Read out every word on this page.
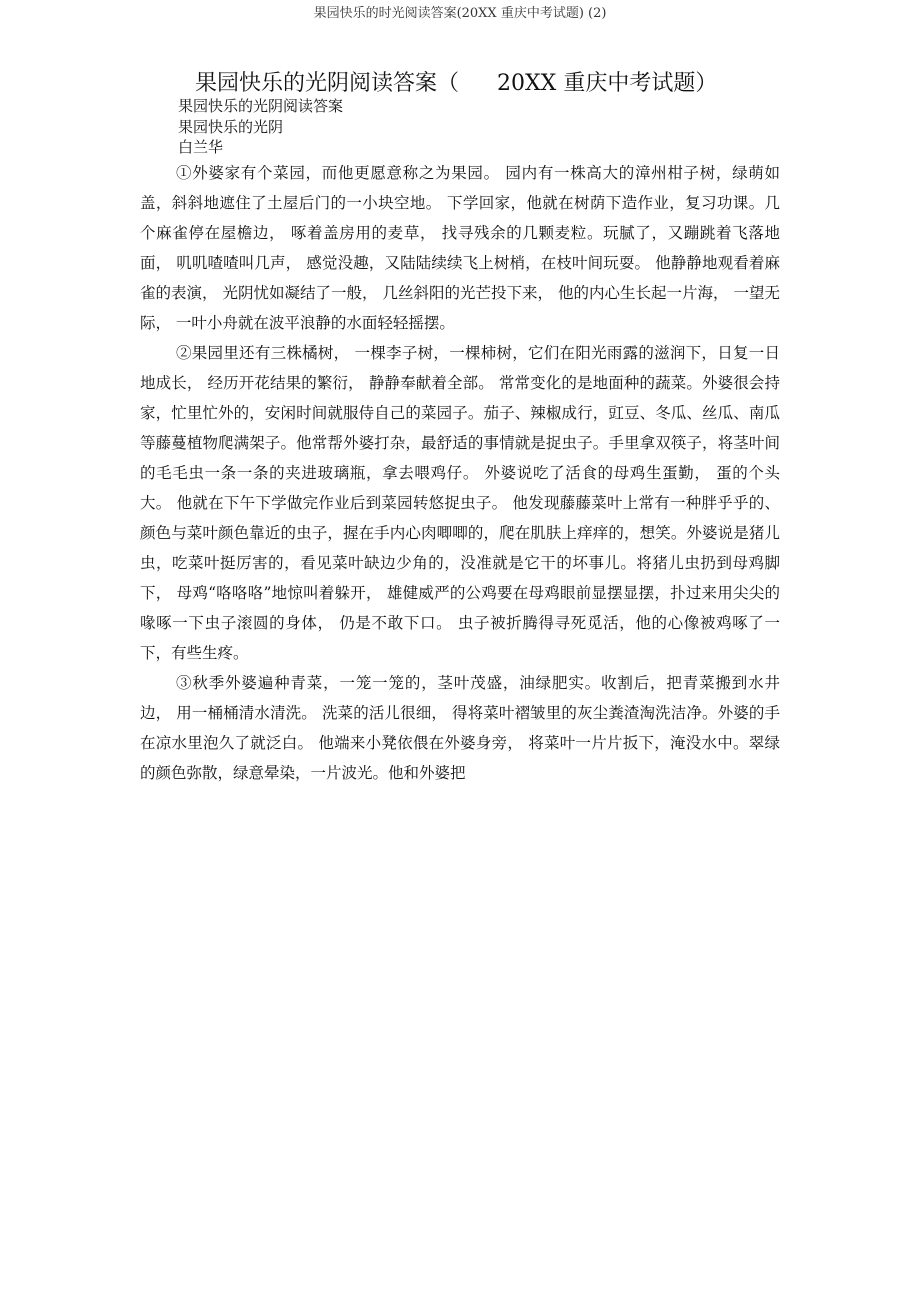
果园快乐的时光阅读答案(20XX 重庆中考试题) (2)
果园快乐的光阴阅读答案（ 20XX 重庆中考试题）
果园快乐的光阴阅读答案
果园快乐的光阴
白兰华

①外婆家有个菜园，而他更愿意称之为果园。 园内有一株高大的漳州柑子树，绿萌如盖，斜斜地遮住了土屋后门的一小块空地。 下学回家，他就在树荫下造作业，复习功课。几个麻雀停在屋檐边， 啄着盖房用的麦草， 找寻残余的几颗麦粒。玩腻了，又蹦跳着飞落地面， 叽叽喳喳叫几声， 感觉没趣，又陆陆续续飞上树梢，在枝叶间玩耍。 他静静地观看着麻雀的表演， 光阴忧如凝结了一般， 几丝斜阳的光芒投下来， 他的内心生长起一片海， 一望无际， 一叶小舟就在波平浪静的水面轻轻摇摆。

②果园里还有三株橘树， 一棵李子树，一棵柿树，它们在阳光雨露的滋润下，日复一日地成长， 经历开花结果的繁衍， 静静奉献着全部。 常常变化的是地面种的蔬菜。外婆很会持家，忙里忙外的，安闲时间就服侍自己的菜园子。茄子、辣椒成行，豇豆、冬瓜、丝瓜、南瓜等藤蔓植物爬满架子。他常帮外婆打杂，最舒适的事情就是捉虫子。手里拿双筷子，将茎叶间的毛毛虫一条一条的夹进玻璃瓶，拿去喂鸡仔。 外婆说吃了活食的母鸡生蛋勤， 蛋的个头大。 他就在下午下学做完作业后到菜园转悠捉虫子。 他发现藤藤菜叶上常有一种胖乎乎的、 颜色与菜叶颜色靠近的虫子，握在手内心肉唧唧的，爬在肌肤上痒痒的，想笑。外婆说是猪儿虫，吃菜叶挺厉害的，看见菜叶缺边少角的，没准就是它干的坏事儿。将猪儿虫扔到母鸡脚下， 母鸡“咯咯咯”地惊叫着躲开， 雄健威严的公鸡要在母鸡眼前显摆显摆，扑过来用尖尖的喙啄一下虫子滚圆的身体， 仍是不敢下口。 虫子被折腾得寻死觅活，他的心像被鸡啄了一下，有些生疼。

③秋季外婆遍种青菜，一笼一笼的，茎叶茂盛，油绿肥实。收割后，把青菜搬到水井边， 用一桶桶清水清洗。 洗菜的活儿很细， 得将菜叶褶皱里的灰尘粪渣淘洗洁净。外婆的手在凉水里泡久了就泛白。 他端来小凳依偎在外婆身旁， 将菜叶一片片扳下，淹没水中。翠绿的颜色弥散，绿意晕染，一片波光。他和外婆把
